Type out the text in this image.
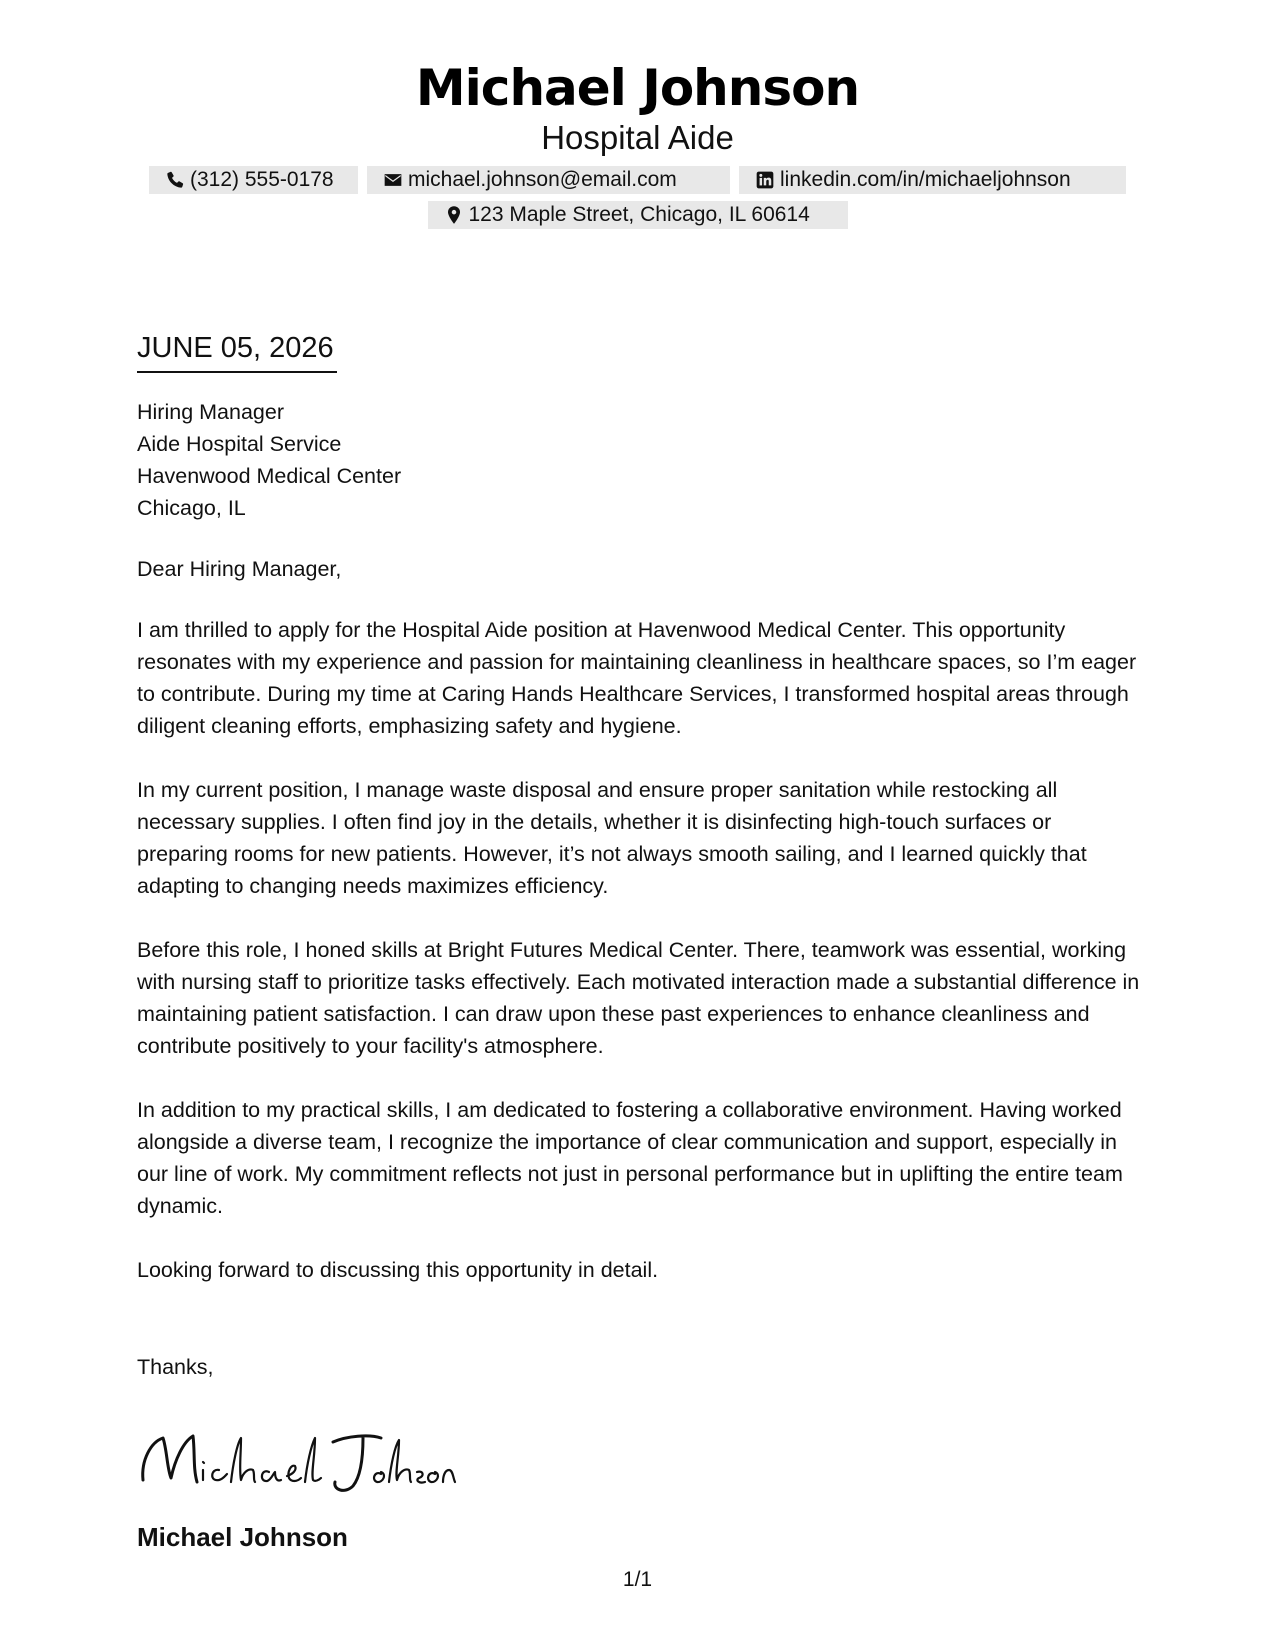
Michael Johnson
Hospital Aide
(312) 555-0178	michael.johnson@email.com	linkedin.com/in/michaeljohnson
123 Maple Street, Chicago, IL 60614
JUNE 05, 2026
Hiring Manager
Aide Hospital Service
Havenwood Medical Center
Chicago, IL

Dear Hiring Manager,

I am thrilled to apply for the Hospital Aide position at Havenwood Medical Center. This opportunity resonates with my experience and passion for maintaining cleanliness in healthcare spaces, so I’m eager to contribute. During my time at Caring Hands Healthcare Services, I transformed hospital areas through diligent cleaning efforts, emphasizing safety and hygiene.

In my current position, I manage waste disposal and ensure proper sanitation while restocking all necessary supplies. I often find joy in the details, whether it is disinfecting high-touch surfaces or preparing rooms for new patients. However, it’s not always smooth sailing, and I learned quickly that adapting to changing needs maximizes efficiency.

Before this role, I honed skills at Bright Futures Medical Center. There, teamwork was essential, working with nursing staff to prioritize tasks effectively. Each motivated interaction made a substantial difference in maintaining patient satisfaction. I can draw upon these past experiences to enhance cleanliness and contribute positively to your facility's atmosphere.

In addition to my practical skills, I am dedicated to fostering a collaborative environment. Having worked alongside a diverse team, I recognize the importance of clear communication and support, especially in our line of work. My commitment reflects not just in personal performance but in uplifting the entire team dynamic.

Looking forward to discussing this opportunity in detail.

Thanks,
Michael Johnson
1/1
